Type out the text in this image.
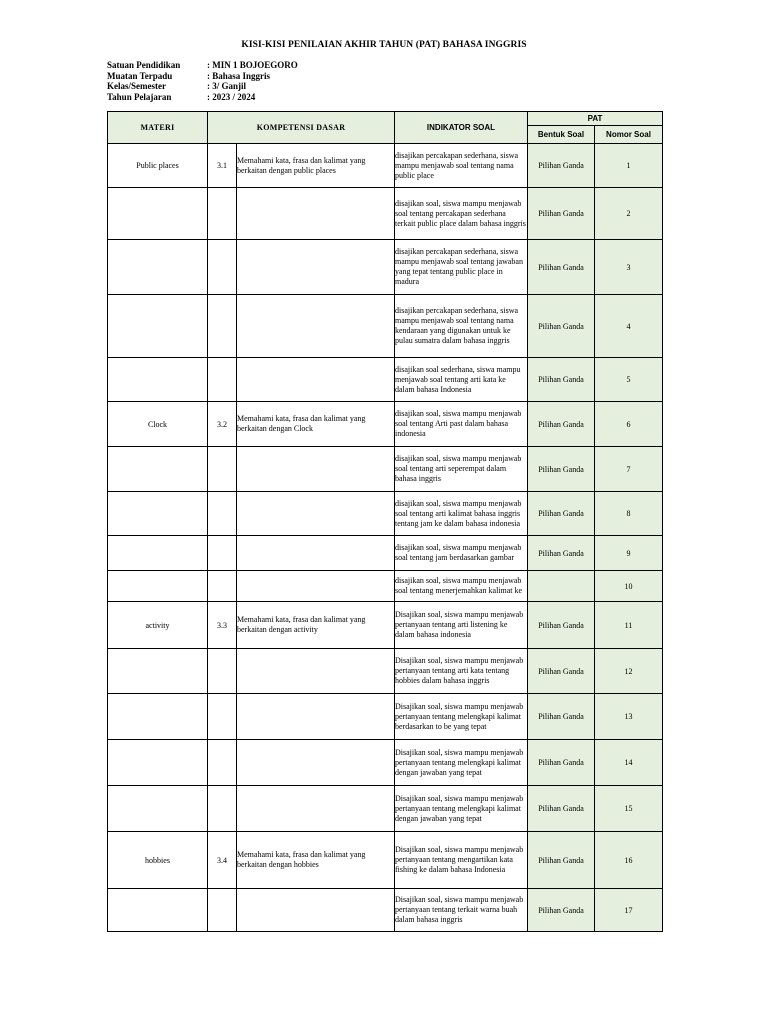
KISI-KISI PENILAIAN AKHIR TAHUN (PAT) BAHASA INGGRIS
Satuan Pendidikan	: MIN 1 BOJOEGORO
Muatan Terpadu	: Bahasa Inggris
Kelas/Semester	: 3/ Ganjil
Tahun Pelajaran	: 2023 / 2024
MATERI	KOMPETENSI DASAR		INDIKATOR SOAL	PAT	
				Bentuk Soal	Nomor Soal
Public places	3.1	Memahami kata, frasa dan kalimat yang berkaitan dengan public places	disajikan percakapan sederhana, siswa mampu menjawab soal tentang nama public place	Pilihan Ganda	1
			disajikan soal, siswa mampu menjawab soal tentang percakapan sederhana terkait public place dalam bahasa inggris	Pilihan Ganda	2
			disajikan percakapan sederhana, siswa mampu menjawab soal tentang jawaban yang tepat tentang public place in madura	Pilihan Ganda	3
			disajikan percakapan sederhana, siswa mampu menjawab soal tentang nama kendaraan yang digunakan untuk ke pulau sumatra dalam bahasa inggris	Pilihan Ganda	4
			disajikan soal sederhana, siswa mampu menjawab soal tentang arti kata ke dalam bahasa Indonesia	Pilihan Ganda	5
Clock	3.2	Memahami kata, frasa dan kalimat yang berkaitan dengan Clock	disajikan soal, siswa mampu menjawab soal tentang Arti past dalam bahasa indonesia	Pilihan Ganda	6
			disajikan soal, siswa mampu menjawab soal tentang arti seperempat dalam bahasa inggris	Pilihan Ganda	7
			disajikan soal, siswa mampu menjawab soal tentang arti kalimat bahasa inggris tentang jam ke dalam bahasa indonesia	Pilihan Ganda	8
			disajikan soal, siswa mampu menjawab soal tentang jam berdasarkan gambar	Pilihan Ganda	9
			disajikan soal, siswa mampu menjawab soal tentang menerjemahkan kalimat ke		10
activity	3.3	Memahami kata, frasa dan kalimat yang berkaitan dengan activity	Disajikan soal, siswa mampu menjawab pertanyaan tentang arti listening ke dalam bahasa indonesia	Pilihan Ganda	11
			Disajikan soal, siswa mampu menjawab pertanyaan tentang arti kata tentang hobbies dalam bahasa inggris	Pilihan Ganda	12
			Disajikan soal, siswa mampu menjawab pertanyaan tentang melengkapi kalimat berdasarkan to be yang tepat	Pilihan Ganda	13
			Disajikan soal, siswa mampu menjawab pertanyaan tentang melengkapi kalimat dengan jawaban yang tepat	Pilihan Ganda	14
			Disajikan soal, siswa mampu menjawab pertanyaan tentang melengkapi kalimat dengan jawaban yang tepat	Pilihan Ganda	15
hobbies	3.4	Memahami kata, frasa dan kalimat yang berkaitan dengan hobbies	Disajikan soal, siswa mampu menjawab pertanyaan tentang mengartikan kata fishing ke dalam bahasa Indonesia	Pilihan Ganda	16
			Disajikan soal, siswa mampu menjawab pertanyaan tentang terkait warna buah dalam bahasa inggris	Pilihan Ganda	17
